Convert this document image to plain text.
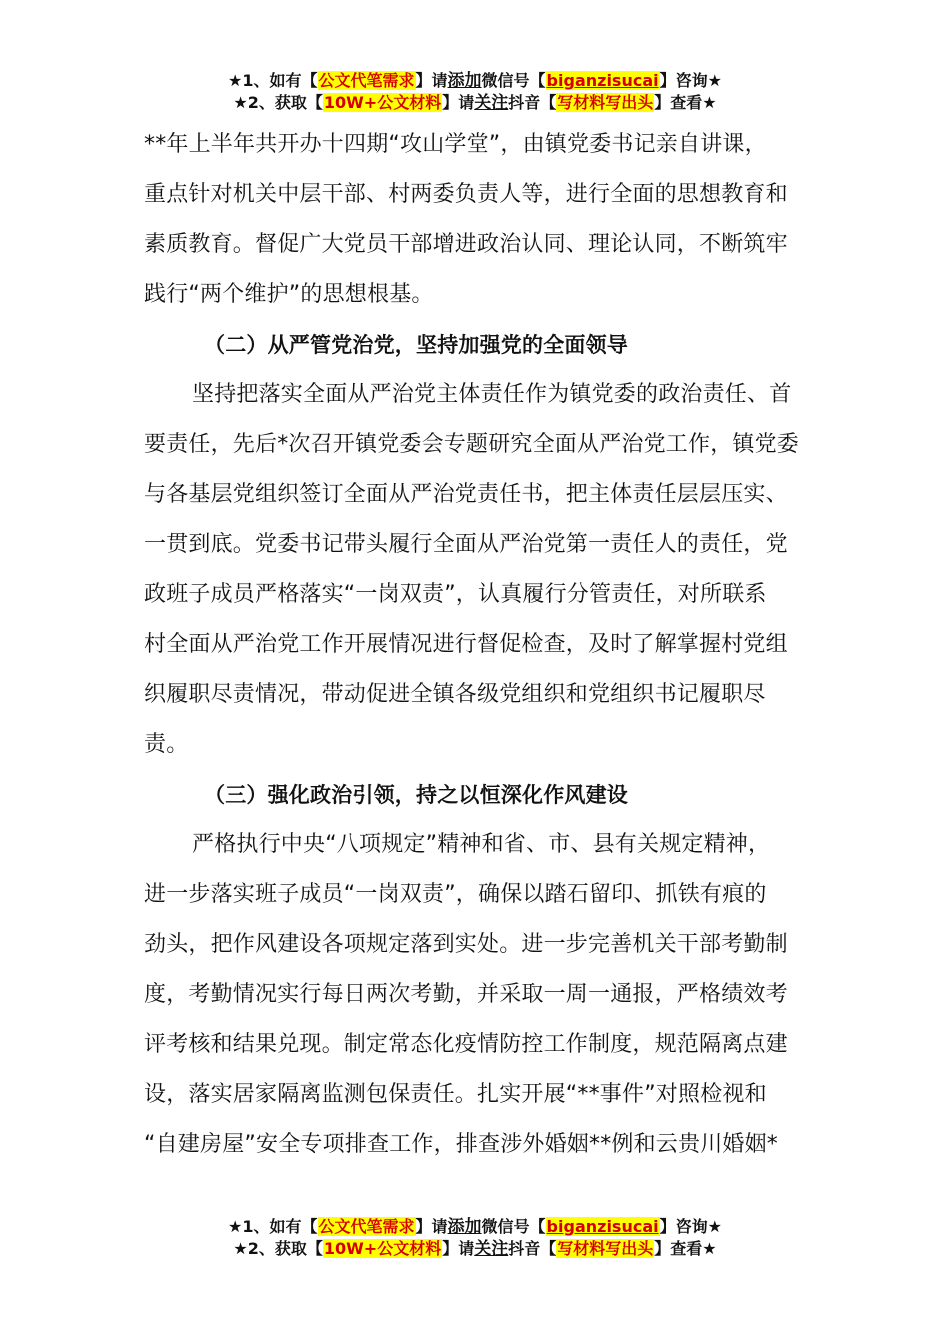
★1、如有【公文代笔需求】请添加微信号【biganzisucai】咨询★
★2、获取【10W+公文材料】请关注抖音【写材料写出头】查看★
**年上半年共开办十四期“攻山学堂”，由镇党委书记亲自讲课，
重点针对机关中层干部、村两委负责人等，进行全面的思想教育和
素质教育。督促广大党员干部增进政治认同、理论认同，不断筑牢
践行“两个维护”的思想根基。
（二）从严管党治党，坚持加强党的全面领导
坚持把落实全面从严治党主体责任作为镇党委的政治责任、首
要责任，先后*次召开镇党委会专题研究全面从严治党工作，镇党委
与各基层党组织签订全面从严治党责任书，把主体责任层层压实、
一贯到底。党委书记带头履行全面从严治党第一责任人的责任，党
政班子成员严格落实“一岗双责”，认真履行分管责任，对所联系
村全面从严治党工作开展情况进行督促检查，及时了解掌握村党组
织履职尽责情况，带动促进全镇各级党组织和党组织书记履职尽责。
（三）强化政治引领，持之以恒深化作风建设
严格执行中央“八项规定”精神和省、市、县有关规定精神，
进一步落实班子成员“一岗双责”，确保以踏石留印、抓铁有痕的
劲头，把作风建设各项规定落到实处。进一步完善机关干部考勤制
度，考勤情况实行每日两次考勤，并采取一周一通报，严格绩效考
评考核和结果兑现。制定常态化疫情防控工作制度，规范隔离点建
设，落实居家隔离监测包保责任。扎实开展“**事件”对照检视和
“自建房屋”安全专项排查工作，排查涉外婚姻**例和云贵川婚姻*
★1、如有【公文代笔需求】请添加微信号【biganzisucai】咨询★
★2、获取【10W+公文材料】请关注抖音【写材料写出头】查看★
